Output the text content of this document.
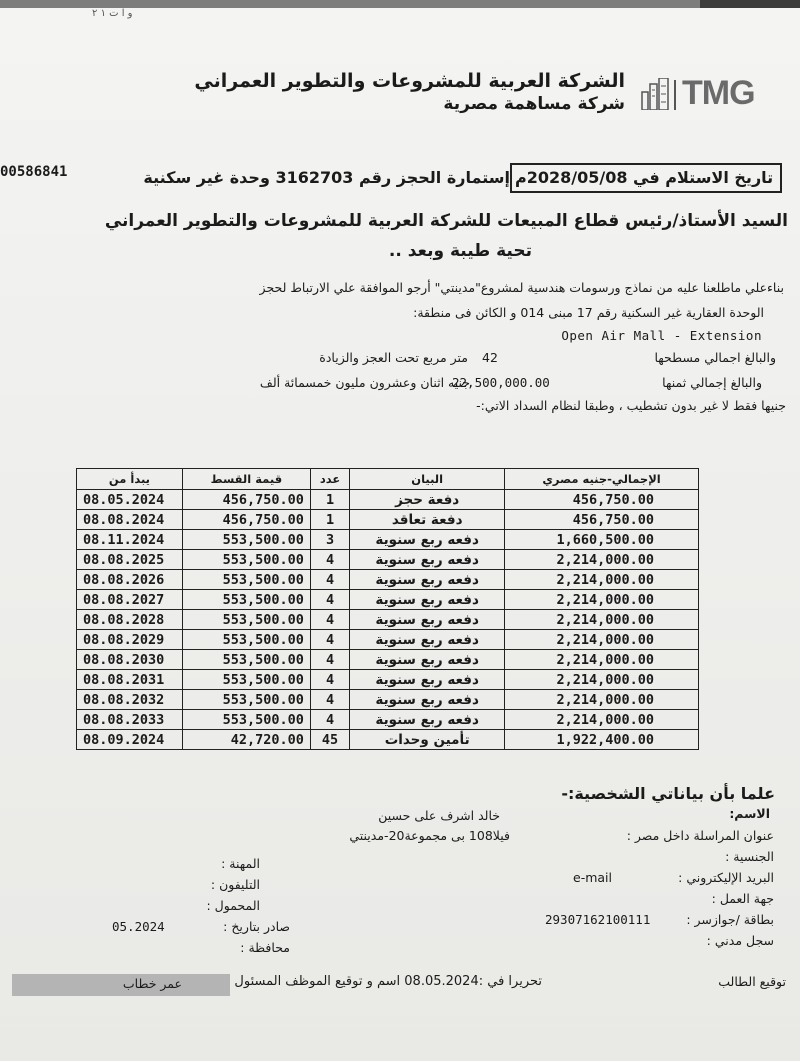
و ا ت ۱ ۲
الشركة العربية للمشروعات والتطوير العمراني
شركة مساهمة مصرية TMG
00586841	تاريخ الاستلام في 2028/05/08م
إستمارة الحجز رقم 3162703 وحدة غير سكنية
السيد الأستاذ/رئيس قطاع المبيعات للشركة العربية للمشروعات والتطوير العمراني
تحية طيبة وبعد ..
بناءعلي ماطلعنا عليه من نماذج ورسومات هندسية لمشروع"مدينتي" أرجو الموافقة علي الارتباط لحجز
الوحدة العقارية غير السكنية رقم 17 مبنى 014 و الكائن فى منطقة:
Open Air Mall - Extension
والبالغ اجمالي مسطحها
42
متر مربع تحت العجز والزيادة
والبالغ إجمالي ثمنها
22,500,000.00
جنيه اثنان وعشرون مليون خمسمائة ألف
جنيها فقط لا غير بدون تشطيب ، وطبقا لنظام السداد الاتي:-
يبدأ من	قيمة القسط	عدد	البيان	الإجمالي-جنيه مصري
08.05.2024	456,750.00	1	دفعة حجز	456,750.00
08.08.2024	456,750.00	1	دفعة تعاقد	456,750.00
08.11.2024	553,500.00	3	دفعه ربع سنوية	1,660,500.00
08.08.2025	553,500.00	4	دفعه ربع سنوية	2,214,000.00
08.08.2026	553,500.00	4	دفعه ربع سنوية	2,214,000.00
08.08.2027	553,500.00	4	دفعه ربع سنوية	2,214,000.00
08.08.2028	553,500.00	4	دفعه ربع سنوية	2,214,000.00
08.08.2029	553,500.00	4	دفعه ربع سنوية	2,214,000.00
08.08.2030	553,500.00	4	دفعه ربع سنوية	2,214,000.00
08.08.2031	553,500.00	4	دفعه ربع سنوية	2,214,000.00
08.08.2032	553,500.00	4	دفعه ربع سنوية	2,214,000.00
08.08.2033	553,500.00	4	دفعه ربع سنوية	2,214,000.00
08.09.2024	42,720.00	45	تأمين وحدات	1,922,400.00
علما بأن بياناتي الشخصية:-
الاسم:
خالد اشرف على حسين
عنوان المراسلة داخل مصر :
فيلا108 بى مجموعة20-مدينتي
الجنسية :
البريد الإليكتروني :
e-mail
جهة العمل :
بطاقة /جوازسر :
29307162100111
سجل مدني :
المهنة :
التليفون :
المحمول :
صادر بتاريخ :
05.2024
محافظة :
عمر خطاب	تحريرا في :08.05.2024 اسم و توقيع الموظف المسئول	توقيع الطالب
